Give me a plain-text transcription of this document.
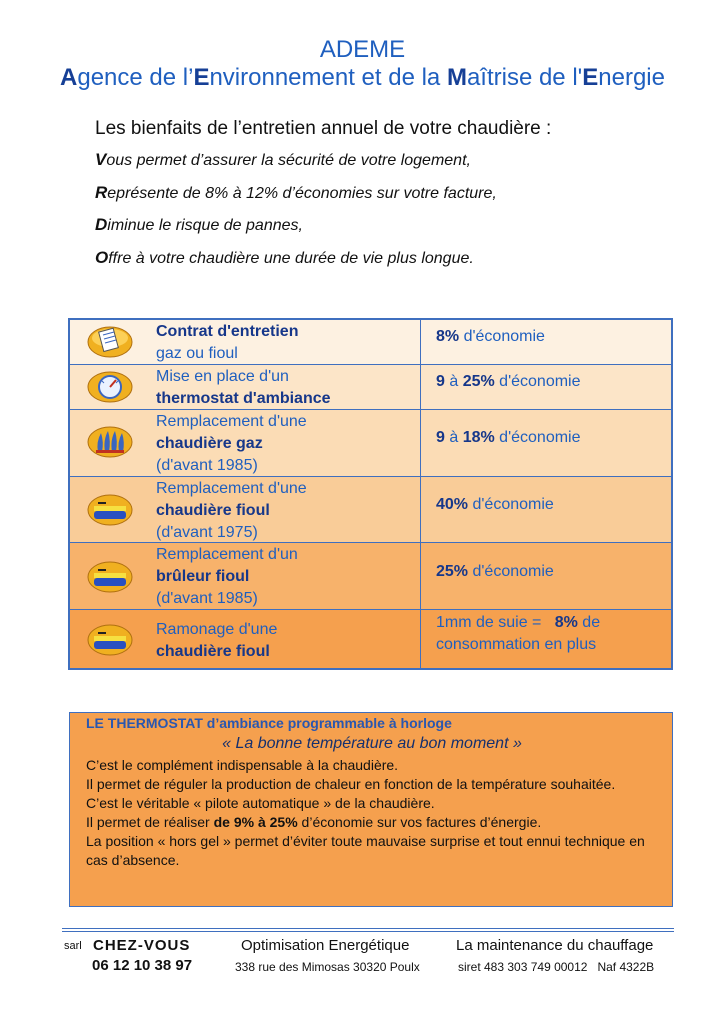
ADEME
Agence de l’Environnement et de la Maîtrise de l'Energie
Les bienfaits de l’entretien annuel de votre chaudière :
Vous permet d’assurer la sécurité de votre logement,
Représente de 8% à 12% d’économies sur votre facture,
Diminue le risque de pannes,
Offre à votre chaudière une durée de vie plus longue.
Contrat d'entretien
gaz ou fioul
8% d'économie
Mise en place d'un
thermostat d'ambiance
9 à 25% d'économie
Remplacement d'une
chaudière gaz
(d'avant 1985)
9 à 18% d'économie
Remplacement d'une
chaudière fioul
(d'avant 1975)
40% d'économie
Remplacement d'un
brûleur fioul
(d'avant 1985)
25% d'économie
Ramonage d'une
chaudière fioul
1mm de suie =   8% de
consommation en plus
LE THERMOSTAT d’ambiance programmable à horloge
« La bonne température au bon moment »

C’est le complément indispensable à la chaudière.

Il permet de réguler la production de chaleur en fonction de la température souhaitée.

C’est le véritable « pilote automatique » de la chaudière.

Il permet de réaliser de 9% à 25% d’économie sur vos factures d’énergie.

La position « hors gel » permet d’éviter toute mauvaise surprise et tout ennui technique en cas d’absence.

sarl CHEZ-VOUS
06 12 10 38 97
Optimisation Energétique
338 rue des Mimosas 30320 Poulx
La maintenance du chauffage
siret 483 303 749 00012   Naf 4322B
